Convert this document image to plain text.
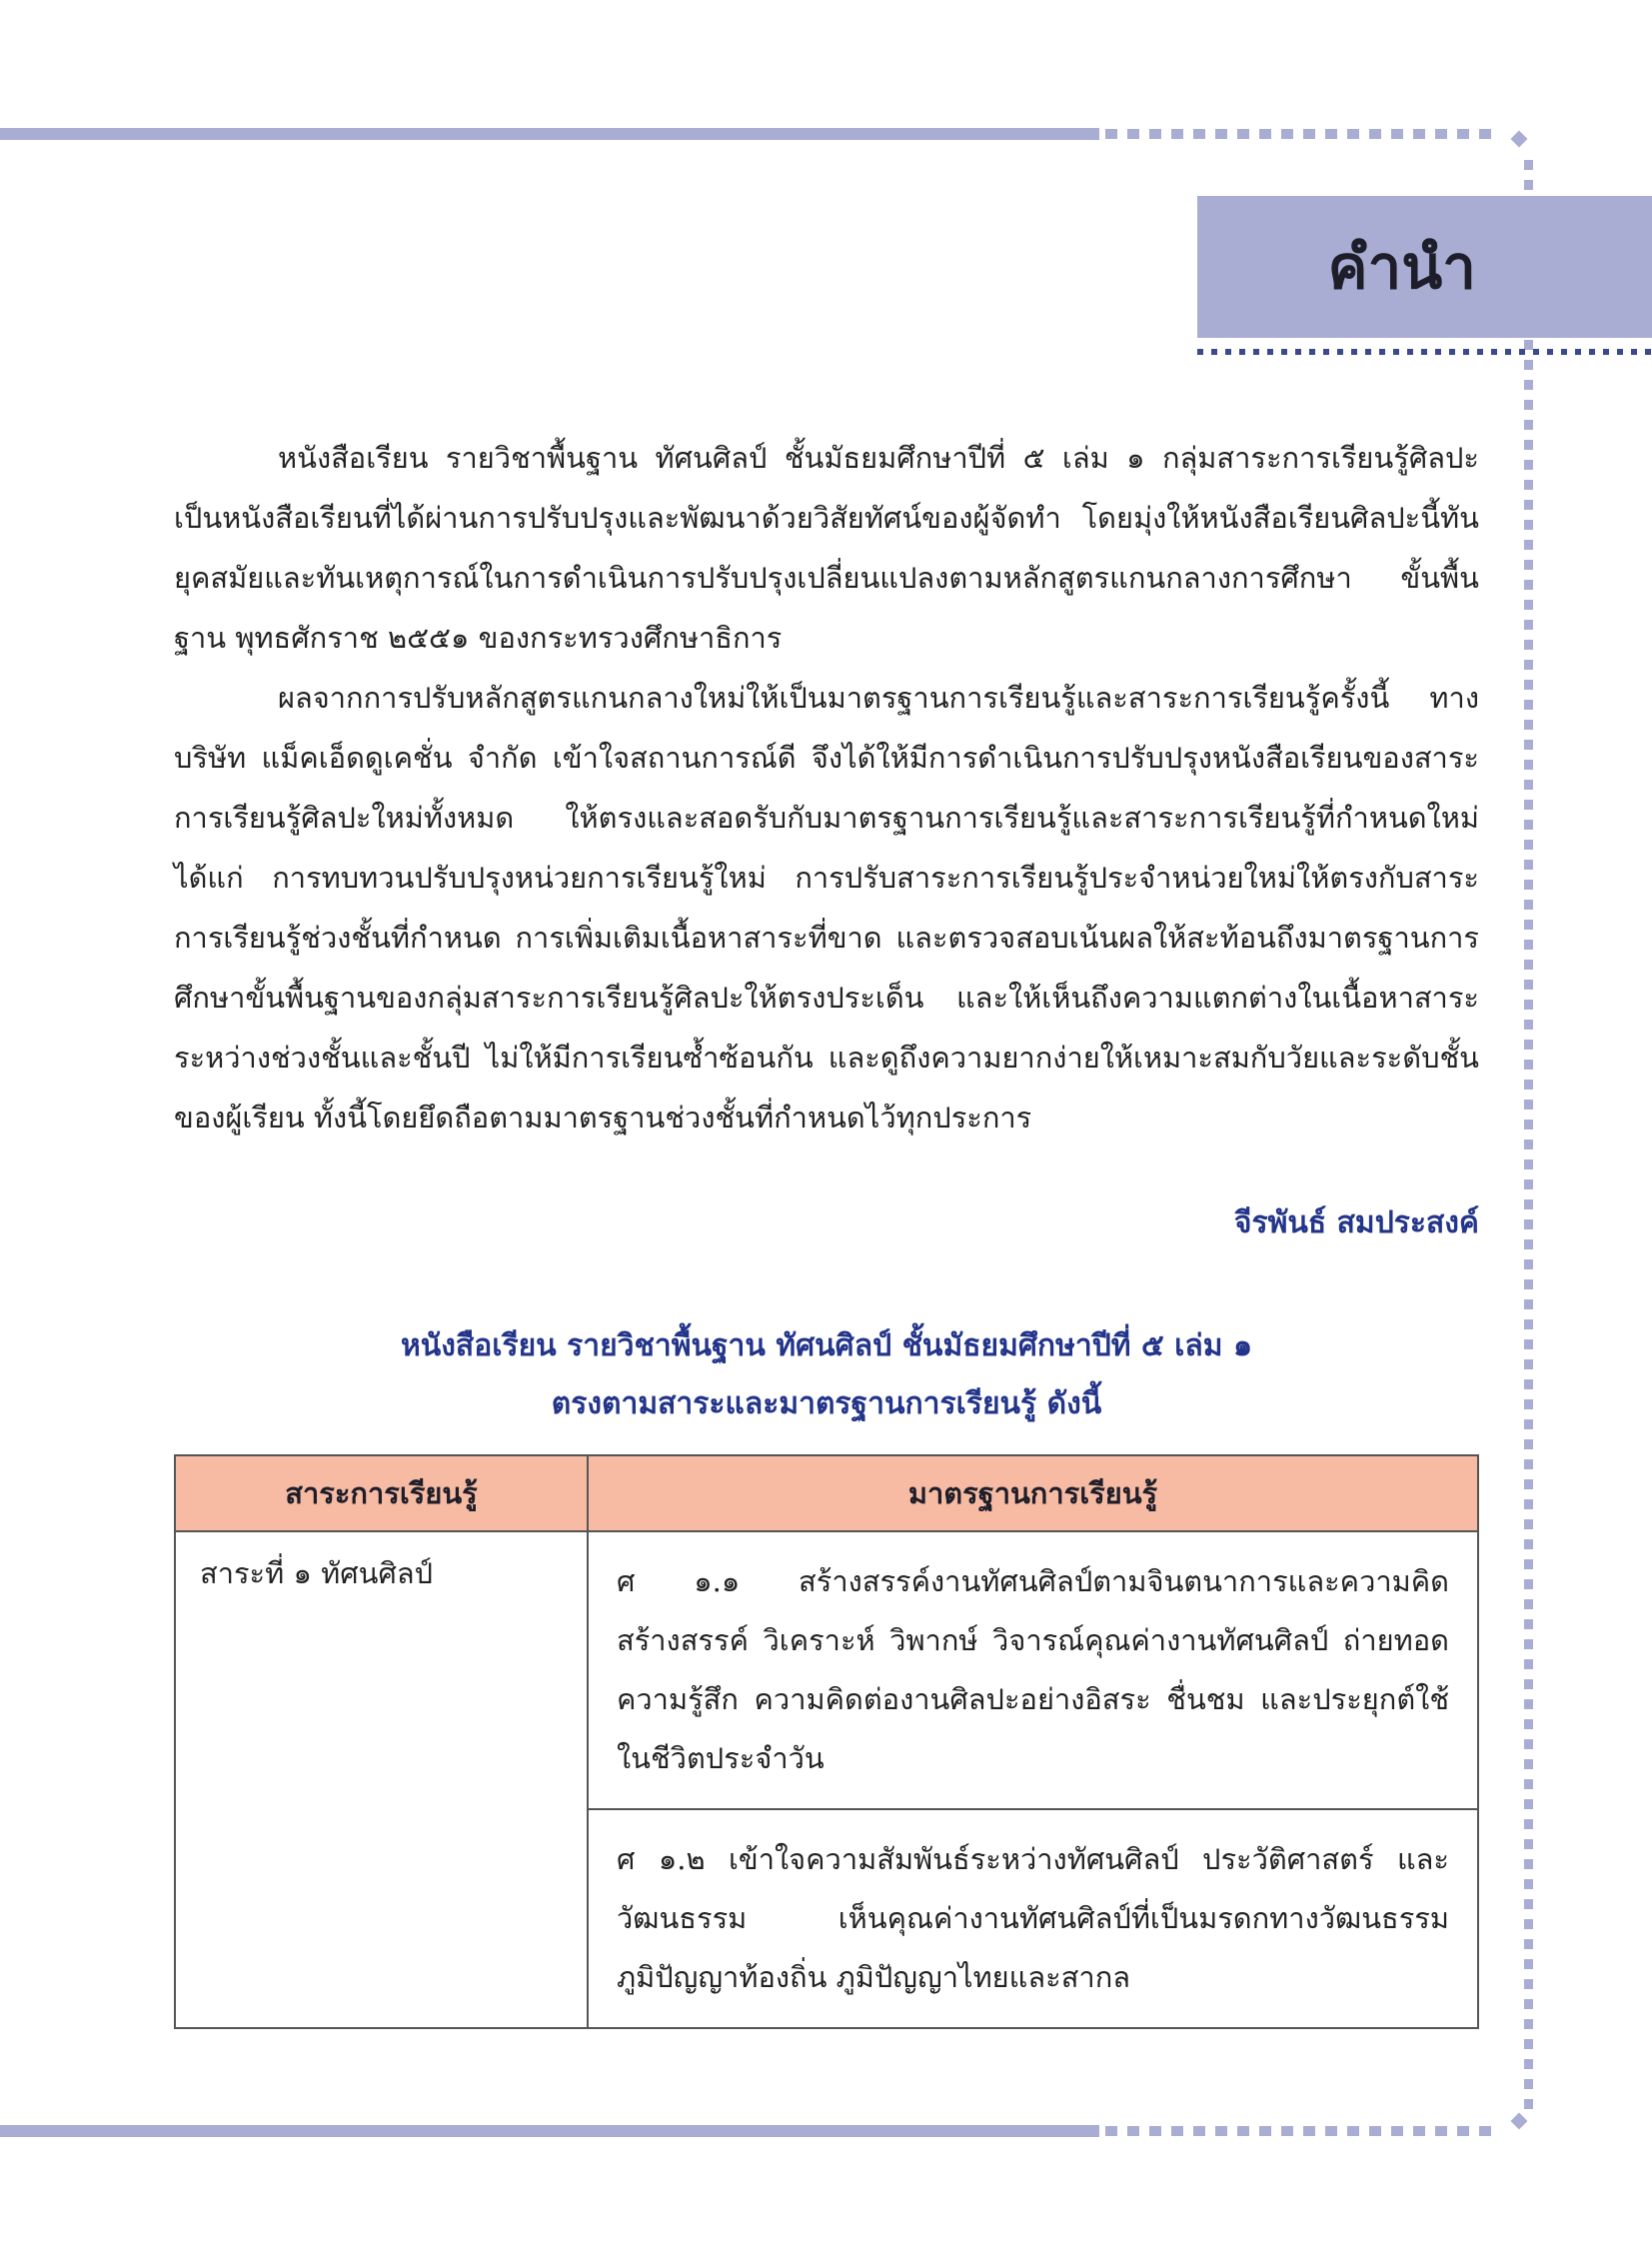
คำนำ

หนังสือเรียน รายวิชาพื้นฐาน ทัศนศิลป์ ชั้นมัธยมศึกษาปีที่ ๕ เล่ม ๑ กลุ่มสาระการเรียนรู้ศิลปะ เป็นหนังสือเรียนที่ได้ผ่านการปรับปรุงและพัฒนาด้วยวิสัยทัศน์ของผู้จัดทำ โดยมุ่งให้หนังสือเรียนศิลปะนี้ทันยุคสมัยและทันเหตุการณ์ในการดำเนินการปรับปรุงเปลี่ยนแปลงตามหลักสูตรแกนกลางการศึกษา ขั้นพื้นฐาน พุทธศักราช ๒๕๕๑ ของกระทรวงศึกษาธิการ

ผลจากการปรับหลักสูตรแกนกลางใหม่ให้เป็นมาตรฐานการเรียนรู้และสาระการเรียนรู้ครั้งนี้ ทางบริษัท แม็คเอ็ดดูเคชั่น จำกัด เข้าใจสถานการณ์ดี จึงได้ให้มีการดำเนินการปรับปรุงหนังสือเรียนของสาระการเรียนรู้ศิลปะใหม่ทั้งหมด ให้ตรงและสอดรับกับมาตรฐานการเรียนรู้และสาระการเรียนรู้ที่กำหนดใหม่ ได้แก่ การทบทวนปรับปรุงหน่วยการเรียนรู้ใหม่ การปรับสาระการเรียนรู้ประจำหน่วยใหม่ให้ตรงกับสาระการเรียนรู้ช่วงชั้นที่กำหนด การเพิ่มเติมเนื้อหาสาระที่ขาด และตรวจสอบเน้นผลให้สะท้อนถึงมาตรฐานการศึกษาขั้นพื้นฐานของกลุ่มสาระการเรียนรู้ศิลปะให้ตรงประเด็น และให้เห็นถึงความแตกต่างในเนื้อหาสาระระหว่างช่วงชั้นและชั้นปี ไม่ให้มีการเรียนซ้ำซ้อนกัน และดูถึงความยากง่ายให้เหมาะสมกับวัยและระดับชั้นของผู้เรียน ทั้งนี้โดยยึดถือตามมาตรฐานช่วงชั้นที่กำหนดไว้ทุกประการ

จีรพันธ์ สมประสงค์
หนังสือเรียน รายวิชาพื้นฐาน ทัศนศิลป์ ชั้นมัธยมศึกษาปีที่ ๕ เล่ม ๑
ตรงตามสาระและมาตรฐานการเรียนรู้ ดังนี้
สาระการเรียนรู้	มาตรฐานการเรียนรู้
สาระที่ ๑ ทัศนศิลป์	ศ ๑.๑ สร้างสรรค์งานทัศนศิลป์ตามจินตนาการและความคิดสร้างสรรค์ วิเคราะห์ วิพากษ์ วิจารณ์คุณค่างานทัศนศิลป์ ถ่ายทอดความรู้สึก ความคิดต่องานศิลปะอย่างอิสระ ชื่นชม และประยุกต์ใช้ในชีวิตประจำวัน
	ศ ๑.๒ เข้าใจความสัมพันธ์ระหว่างทัศนศิลป์ ประวัติศาสตร์ และวัฒนธรรม เห็นคุณค่างานทัศนศิลป์ที่เป็นมรดกทางวัฒนธรรม ภูมิปัญญาท้องถิ่น ภูมิปัญญาไทยและสากล
